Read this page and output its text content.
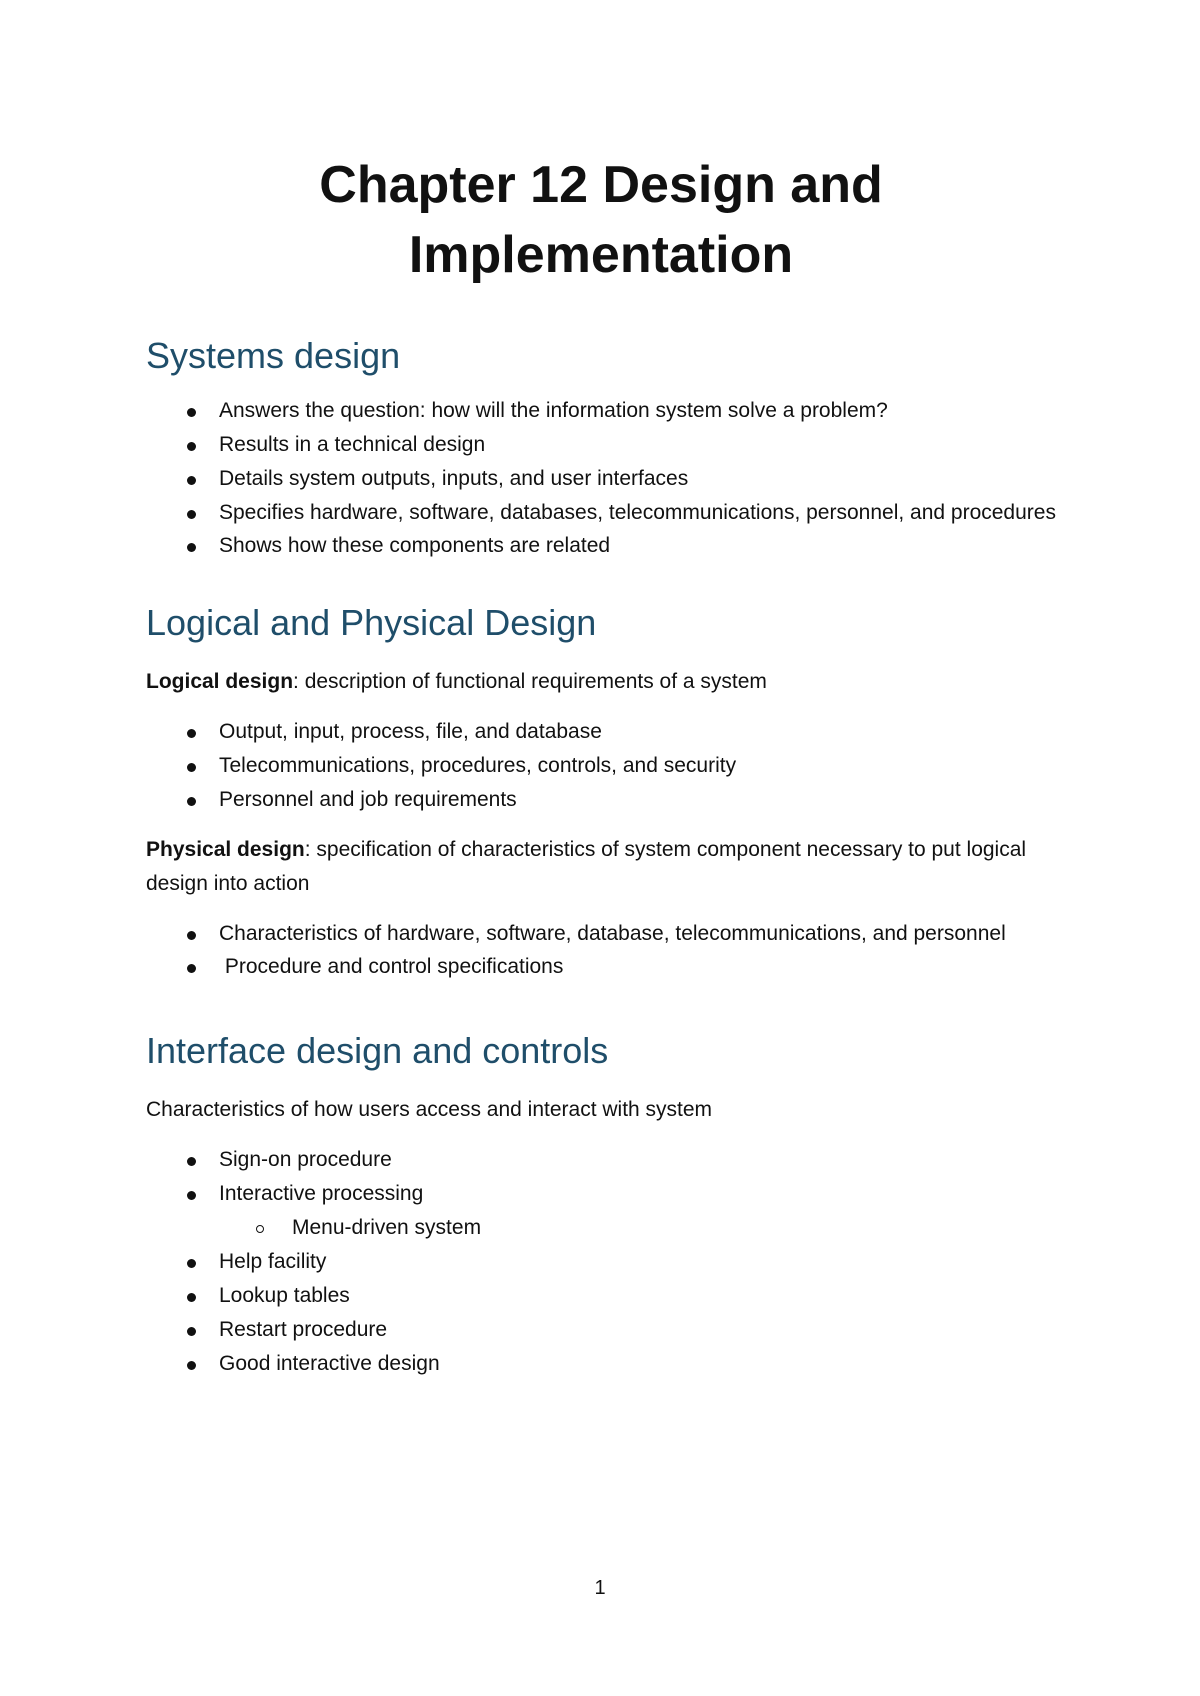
Chapter 12 Design and Implementation
Systems design
Answers the question: how will the information system solve a problem?
Results in a technical design
Details system outputs, inputs, and user interfaces
Specifies hardware, software, databases, telecommunications, personnel, and procedures
Shows how these components are related
Logical and Physical Design

Logical design: description of functional requirements of a system

Output, input, process, file, and database
Telecommunications, procedures, controls, and security
Personnel and job requirements

Physical design: specification of characteristics of system component necessary to put logical design into action

Characteristics of hardware, software, database, telecommunications, and personnel
Procedure and control specifications
Interface design and controls

Characteristics of how users access and interact with system

Sign-on procedure
Interactive processing
Menu-driven system
Help facility
Lookup tables
Restart procedure
Good interactive design
1
